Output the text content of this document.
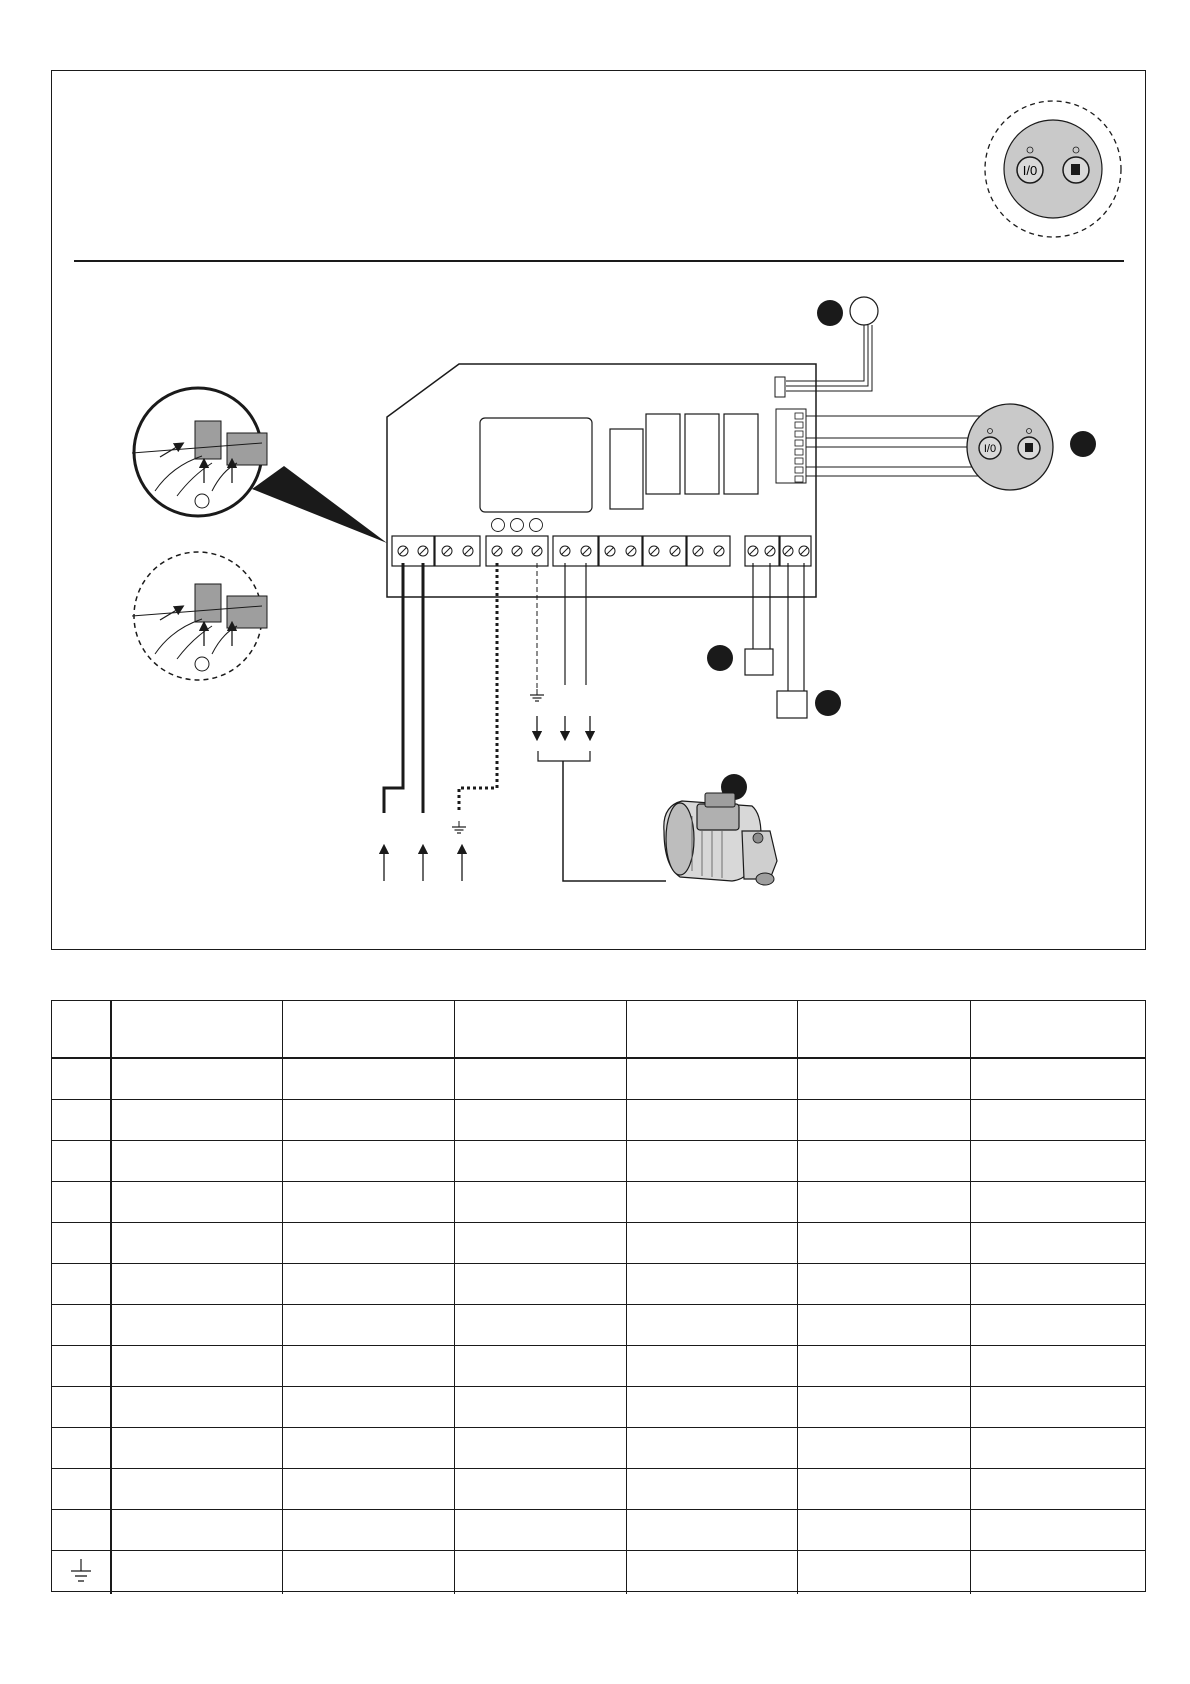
I/0
I/0
